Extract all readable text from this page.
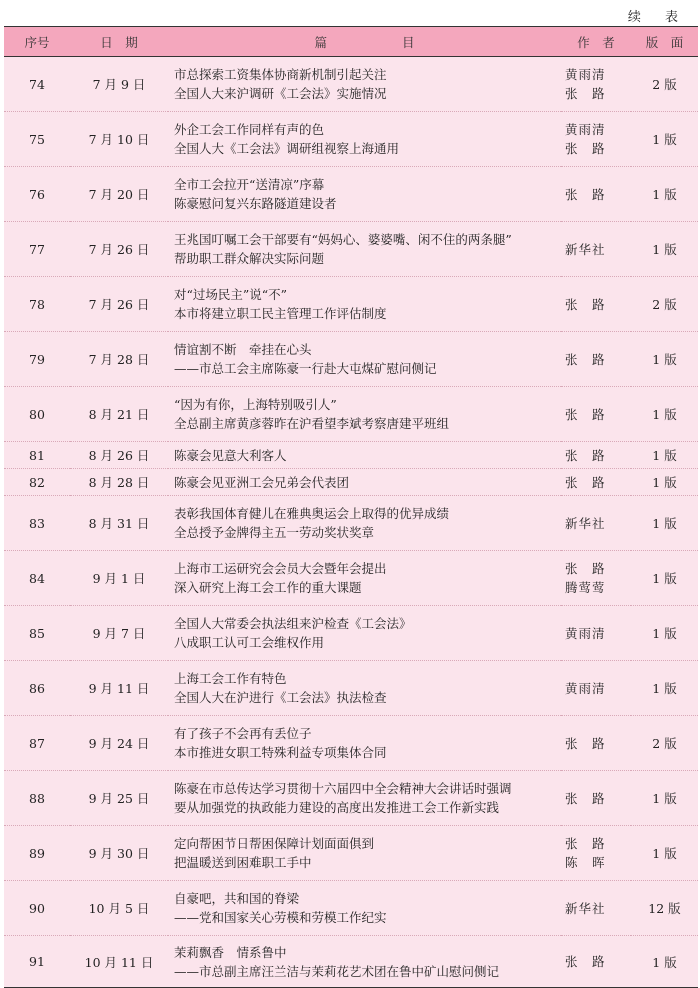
续 表
序号	日　期	篇　　　　　　目	作　者	版　面
74	7 月 9 日	市总探索工资集体协商新机制引起关注
全国人大来沪调研《工会法》实施情况	黄雨清
张　路	2 版
75	7 月 10 日	外企工会工作同样有声的色
全国人大《工会法》调研组视察上海通用	黄雨清
张　路	1 版
76	7 月 20 日	全市工会拉开“送清凉”序幕
陈豪慰问复兴东路隧道建设者	张　路	1 版
77	7 月 26 日	王兆国叮嘱工会干部要有“妈妈心、婆婆嘴、闲不住的两条腿”
帮助职工群众解决实际问题	新华社	1 版
78	7 月 26 日	对“过场民主”说“不”
本市将建立职工民主管理工作评估制度	张　路	2 版
79	7 月 28 日	情谊割不断　牵挂在心头
——市总工会主席陈豪一行赴大屯煤矿慰问侧记	张　路	1 版
80	8 月 21 日	“因为有你，上海特别吸引人”
全总副主席黄彦蓉昨在沪看望李斌考察唐建平班组	张　路	1 版
81	8 月 26 日	陈豪会见意大利客人	张　路	1 版
82	8 月 28 日	陈豪会见亚洲工会兄弟会代表团	张　路	1 版
83	8 月 31 日	表彰我国体育健儿在雅典奥运会上取得的优异成绩
全总授予金牌得主五一劳动奖状奖章	新华社	1 版
84	9 月 1 日	上海市工运研究会会员大会暨年会提出
深入研究上海工会工作的重大课题	张　路
腾莺莺	1 版
85	9 月 7 日	全国人大常委会执法组来沪检查《工会法》
八成职工认可工会维权作用	黄雨清	1 版
86	9 月 11 日	上海工会工作有特色
全国人大在沪进行《工会法》执法检查	黄雨清	1 版
87	9 月 24 日	有了孩子不会再有丢位子
本市推进女职工特殊利益专项集体合同	张　路	2 版
88	9 月 25 日	陈豪在市总传达学习贯彻十六届四中全会精神大会讲话时强调
要从加强党的执政能力建设的高度出发推进工会工作新实践	张　路	1 版
89	9 月 30 日	定向帮困节日帮困保障计划面面俱到
把温暖送到困难职工手中	张　路
陈　晖	1 版
90	10 月 5 日	自豪吧，共和国的脊梁
——党和国家关心劳模和劳模工作纪实	新华社	12 版
91	10 月 11 日	茉莉飘香　情系鲁中
——市总副主席汪兰洁与茉莉花艺术团在鲁中矿山慰问侧记	张　路	1 版
